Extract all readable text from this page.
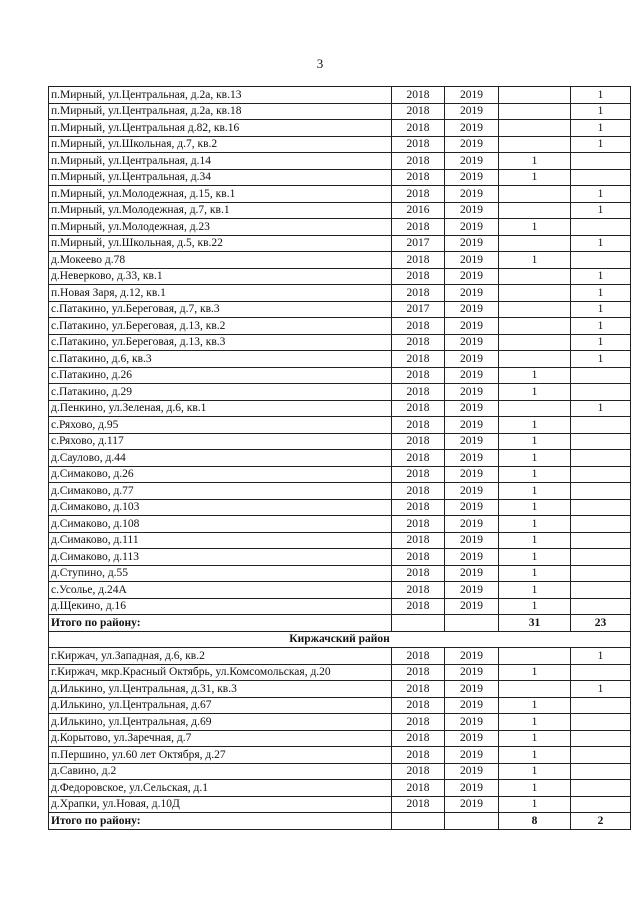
3
п.Мирный, ул.Центральная, д.2а, кв.13	2018	2019		1
п.Мирный, ул.Центральная, д.2а, кв.18	2018	2019		1
п.Мирный, ул.Центральная д.82, кв.16	2018	2019		1
п.Мирный, ул.Школьная, д.7, кв.2	2018	2019		1
п.Мирный, ул.Центральная, д.14	2018	2019	1	
п.Мирный, ул.Центральная, д.34	2018	2019	1	
п.Мирный, ул.Молодежная, д.15, кв.1	2018	2019		1
п.Мирный, ул.Молодежная, д.7, кв.1	2016	2019		1
п.Мирный, ул.Молодежная, д.23	2018	2019	1	
п.Мирный, ул.Школьная, д.5, кв.22	2017	2019		1
д.Мокеево д.78	2018	2019	1	
д.Неверково, д.33, кв.1	2018	2019		1
п.Новая Заря, д.12, кв.1	2018	2019		1
с.Патакино, ул.Береговая, д.7, кв.3	2017	2019		1
с.Патакино, ул.Береговая, д.13, кв.2	2018	2019		1
с.Патакино, ул.Береговая, д.13, кв.3	2018	2019		1
с.Патакино, д.6, кв.3	2018	2019		1
с.Патакино, д.26	2018	2019	1	
с.Патакино, д.29	2018	2019	1	
д.Пенкино, ул.Зеленая, д.6, кв.1	2018	2019		1
с.Ряхово, д.95	2018	2019	1	
с.Ряхово, д.117	2018	2019	1	
д.Саулово, д.44	2018	2019	1	
д.Симаково, д.26	2018	2019	1	
д.Симаково, д.77	2018	2019	1	
д.Симаково, д.103	2018	2019	1	
д.Симаково, д.108	2018	2019	1	
д.Симаково, д.111	2018	2019	1	
д.Симаково, д.113	2018	2019	1	
д.Ступино, д.55	2018	2019	1	
с.Усолье, д.24А	2018	2019	1	
д.Щекино, д.16	2018	2019	1	
Итого по району:			31	23
Киржачский район				
г.Киржач, ул.Западная, д.6, кв.2	2018	2019		1
г.Киржач, мкр.Красный Октябрь, ул.Комсомольская, д.20	2018	2019	1	
д.Илькино, ул.Центральная, д.31, кв.3	2018	2019		1
д.Илькино, ул.Центральная, д.67	2018	2019	1	
д.Илькино, ул.Центральная, д.69	2018	2019	1	
д.Корытово, ул.Заречная, д.7	2018	2019	1	
п.Першино, ул.60 лет Октября, д.27	2018	2019	1	
д.Савино, д.2	2018	2019	1	
д.Федоровское, ул.Сельская, д.1	2018	2019	1	
д.Храпки, ул.Новая, д.10Д	2018	2019	1	
Итого по району:			8	2
